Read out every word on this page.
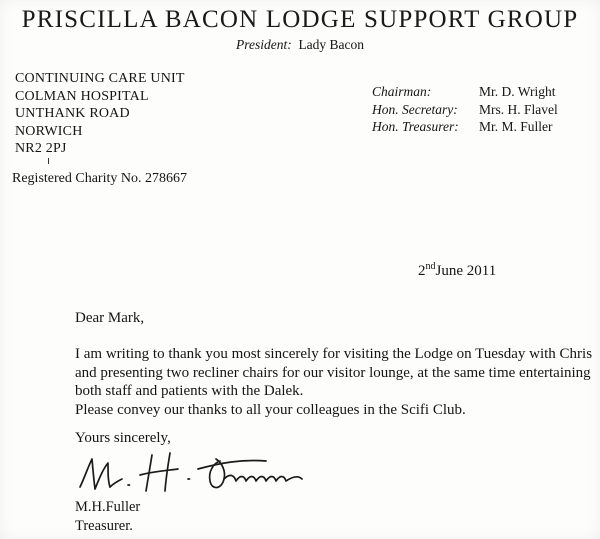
PRISCILLA BACON LODGE SUPPORT GROUP
President: Lady Bacon
CONTINUING CARE UNIT
COLMAN HOSPITAL
UNTHANK ROAD
NORWICH
NR2 2PJ
Chairman:	Mr. D. Wright
Hon. Secretary: Mrs. H. Flavel
Hon. Treasurer: Mr. M. Fuller
Registered Charity No. 278667
2ndJune 2011
Dear Mark,
I am writing to thank you most sincerely for visiting the Lodge on Tuesday with Chris
and presenting two recliner chairs for our visitor lounge, at the same time entertaining
both staff and patients with the Dalek.
Please convey our thanks to all your colleagues in the Scifi Club.
Yours sincerely,
M.H.Fuller
Treasurer.
